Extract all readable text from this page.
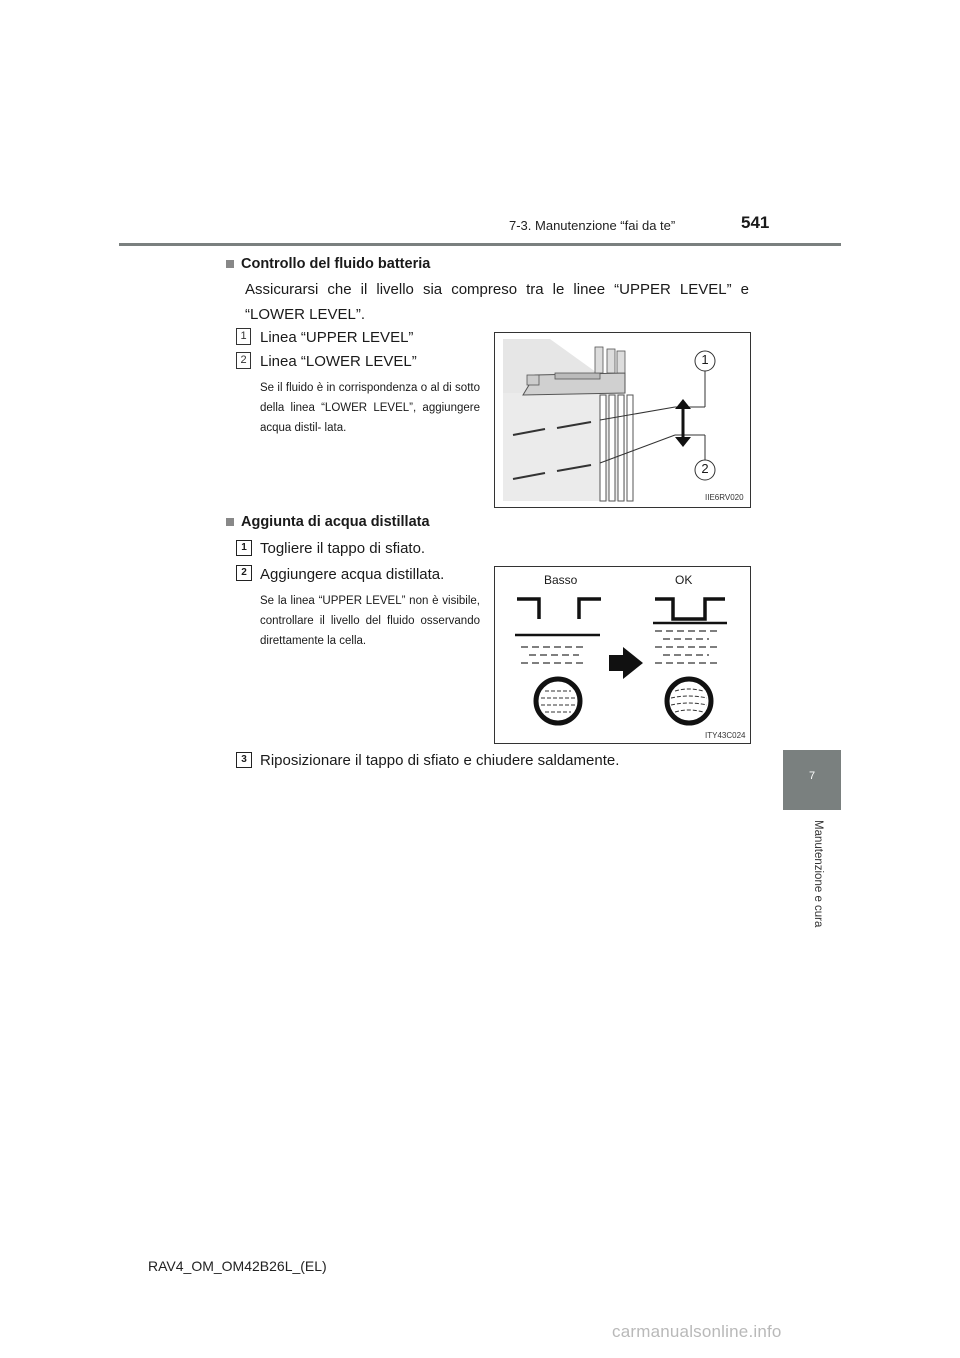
7-3. Manutenzione “fai da te”	541
7
Manutenzione e cura
Controllo del fluido batteria
Assicurarsi che il livello sia compreso tra le linee “UPPER LEVEL” e “LOWER LEVEL”.
1 Linea “UPPER LEVEL”
2 Linea “LOWER LEVEL”
Se il fluido è in corrispondenza o al di sotto della linea “LOWER LEVEL”, aggiungere acqua distil- lata.
1
2
IIE6RV020
Aggiunta di acqua distillata
1 Togliere il tappo di sfiato.
2 Aggiungere acqua distillata.
Se la linea “UPPER LEVEL” non è visibile, controllare il livello del fluido osservando direttamente la cella.
Basso	OK
ITY43C024
3 Riposizionare il tappo di sfiato e chiudere saldamente.
RAV4_OM_OM42B26L_(EL)
carmanualsonline.info
